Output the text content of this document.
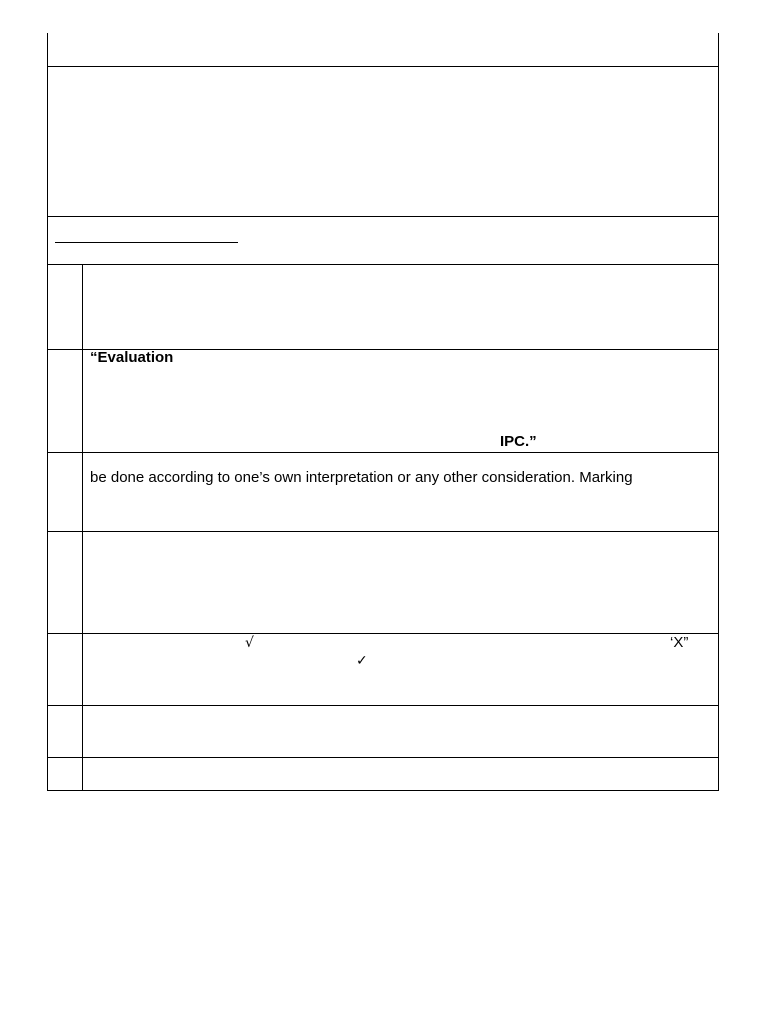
“Evaluation
IPC.”
be done according to one’s own interpretation or any other consideration. Marking
√	‘X”
✓
